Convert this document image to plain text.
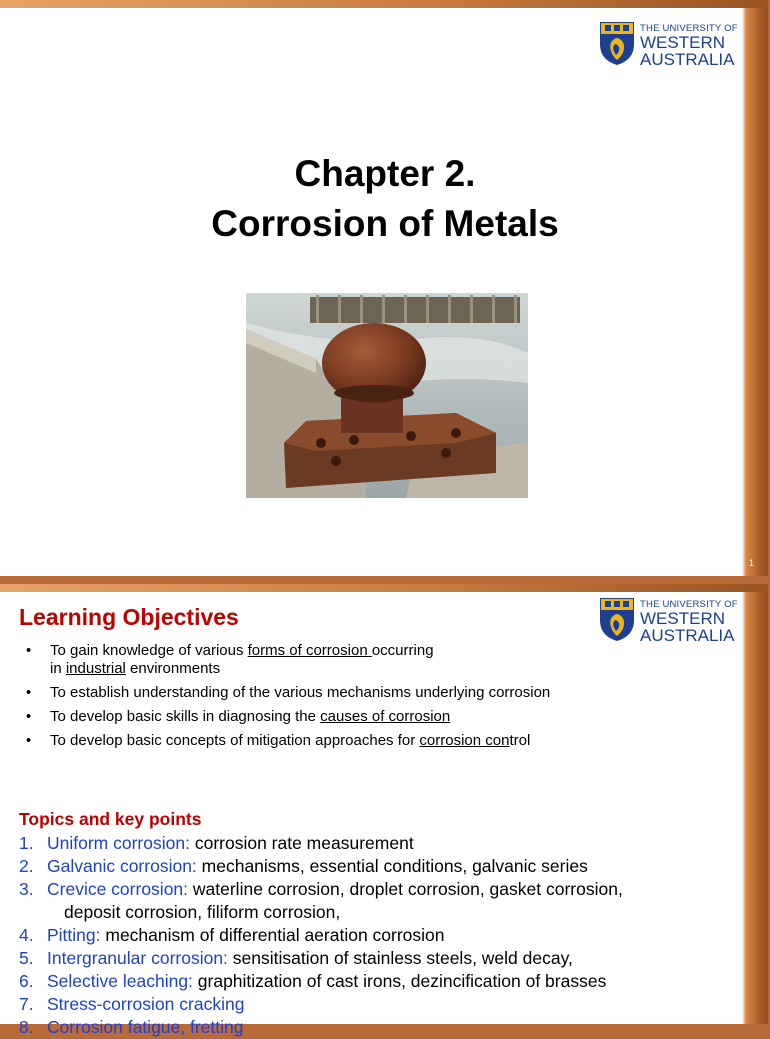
THE UNIVERSITY OF
WESTERN
AUSTRALIA
Chapter 2.
Corrosion of Metals
1
THE UNIVERSITY OF
WESTERN
AUSTRALIA
Learning Objectives
• To gain knowledge of various forms of corrosion occurring
in industrial environments
• To establish understanding of the various mechanisms underlying corrosion
• To develop basic skills in diagnosing the causes of corrosion
• To develop basic concepts of mitigation approaches for corrosion control
Topics and key points
1. Uniform corrosion: corrosion rate measurement
2. Galvanic corrosion: mechanisms, essential conditions, galvanic series
3. Crevice corrosion: waterline corrosion, droplet corrosion, gasket corrosion,
deposit corrosion, filiform corrosion,
4. Pitting: mechanism of differential aeration corrosion
5. Intergranular corrosion: sensitisation of stainless steels, weld decay,
6. Selective leaching: graphitization of cast irons, dezincification of brasses
7. Stress-corrosion cracking
8. Corrosion fatigue, fretting
